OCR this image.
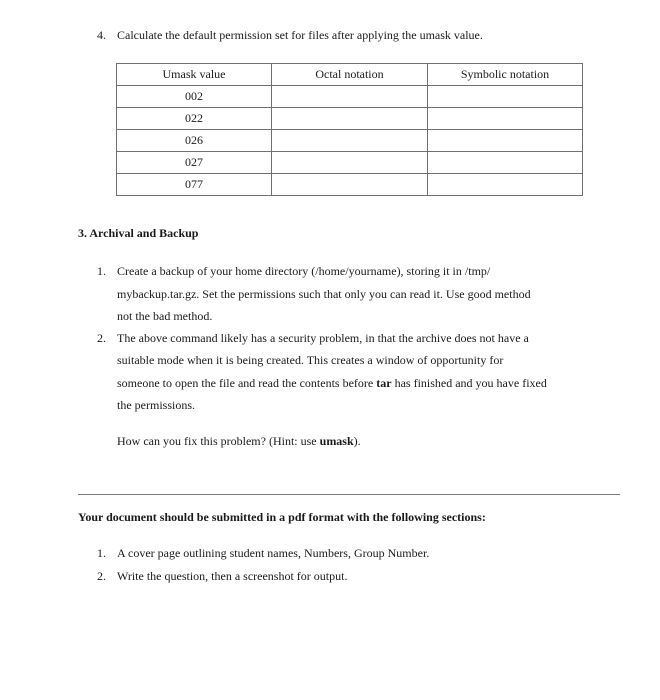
4. Calculate the default permission set for files after applying the umask value.
Umask value	Octal notation	Symbolic notation
002		
022		
026		
027		
077		
3. Archival and Backup
1. Create a backup of your home directory (/home/yourname), storing it in /tmp/
mybackup.tar.gz. Set the permissions such that only you can read it. Use good method
not the bad method.
2. The above command likely has a security problem, in that the archive does not have a
suitable mode when it is being created. This creates a window of opportunity for
someone to open the file and read the contents before tar has finished and you have fixed
the permissions.
How can you fix this problem? (Hint: use umask).
Your document should be submitted in a pdf format with the following sections:
1. A cover page outlining student names, Numbers, Group Number.
2. Write the question, then a screenshot for output.
